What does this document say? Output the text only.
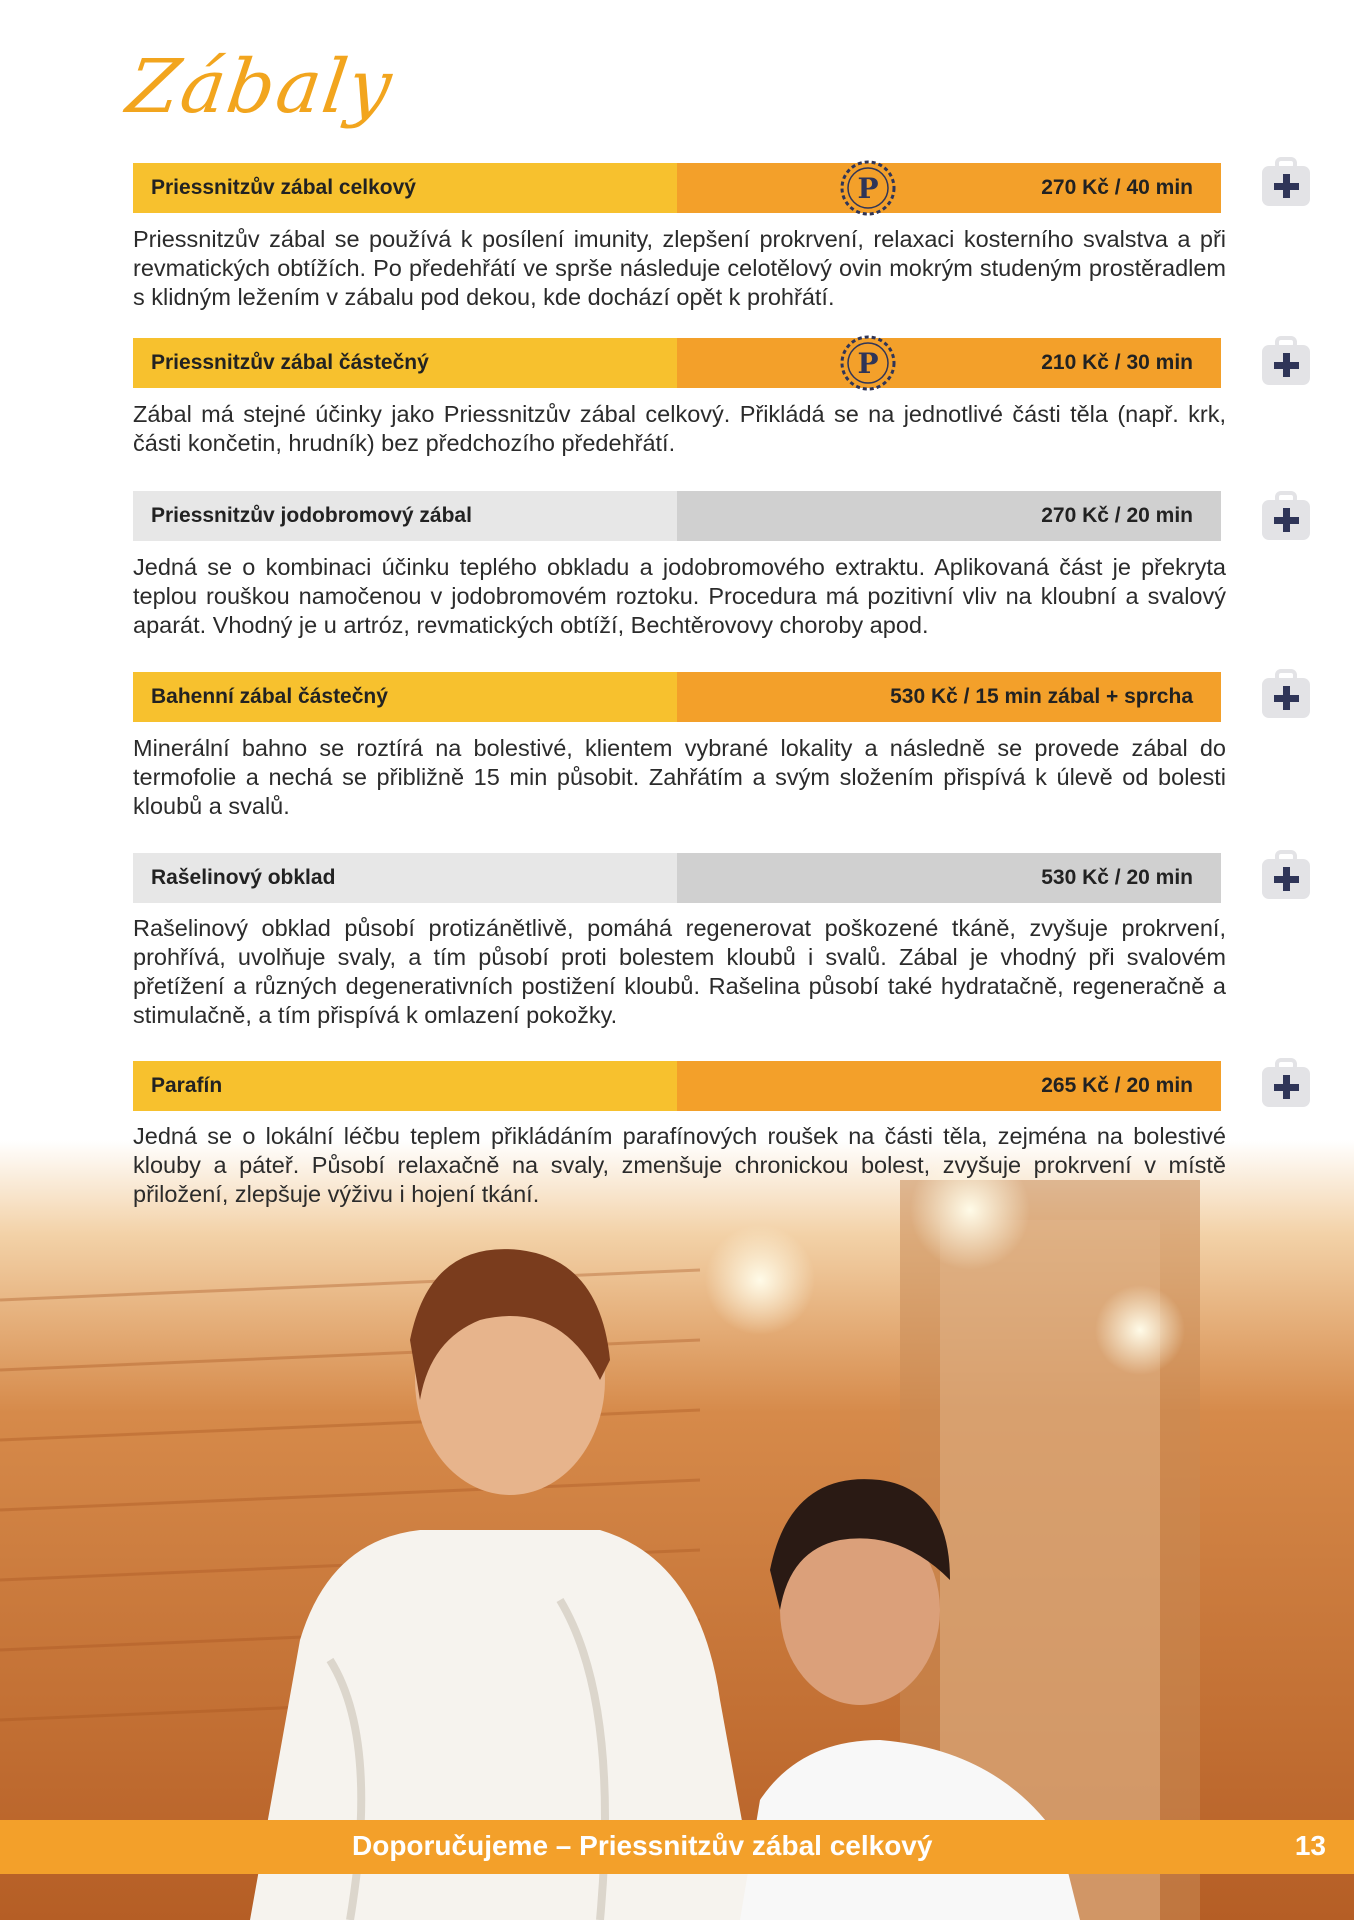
Zábaly
Priessnitzův zábal celkový	P	270 Kč / 40 min

Priessnitzův zábal se používá k posílení imunity, zlepšení prokrvení, relaxaci kosterního svalstva a při revmatických obtížích. Po předehřátí ve sprše následuje celotělový ovin mokrým studeným prostěradlem s klidným ležením v zábalu pod dekou, kde dochází opět k prohřátí.

Priessnitzův zábal částečný	P	210 Kč / 30 min

Zábal má stejné účinky jako Priessnitzův zábal celkový. Přikládá se na jednotlivé části těla (např. krk, části končetin, hrudník) bez předchozího předehřátí.

Priessnitzův jodobromový zábal	270 Kč / 20 min

Jedná se o kombinaci účinku teplého obkladu a jodobromového extraktu. Aplikovaná část je překryta teplou rouškou namočenou v jodobromovém roztoku. Procedura má pozitivní vliv na kloubní a svalový aparát. Vhodný je u artróz, revmatických obtíží, Bechtěrovovy choroby apod.

Bahenní zábal částečný	530 Kč / 15 min zábal + sprcha

Minerální bahno se roztírá na bolestivé, klientem vybrané lokality a následně se provede zábal do termofolie a nechá se přibližně 15 min působit. Zahřátím a svým složením přispívá k úlevě od bolesti kloubů a svalů.

Rašelinový obklad	530 Kč / 20 min

Rašelinový obklad působí protizánětlivě, pomáhá regenerovat poškozené tkáně, zvyšuje prokrvení, prohřívá, uvolňuje svaly, a tím působí proti bolestem kloubů i svalů. Zábal je vhodný při svalovém přetížení a různých degenerativních postižení kloubů. Rašelina působí také hydratačně, regeneračně a stimulačně, a tím přispívá k omlazení pokožky.

Parafín	265 Kč / 20 min

Jedná se o lokální léčbu teplem přikládáním parafínových roušek na části těla, zejména na bolestivé klouby a páteř. Působí relaxačně na svaly, zmenšuje chronickou bolest, zvyšuje prokrvení v místě přiložení, zlepšuje výživu i hojení tkání.

Doporučujeme – Priessnitzův zábal celkový	13
